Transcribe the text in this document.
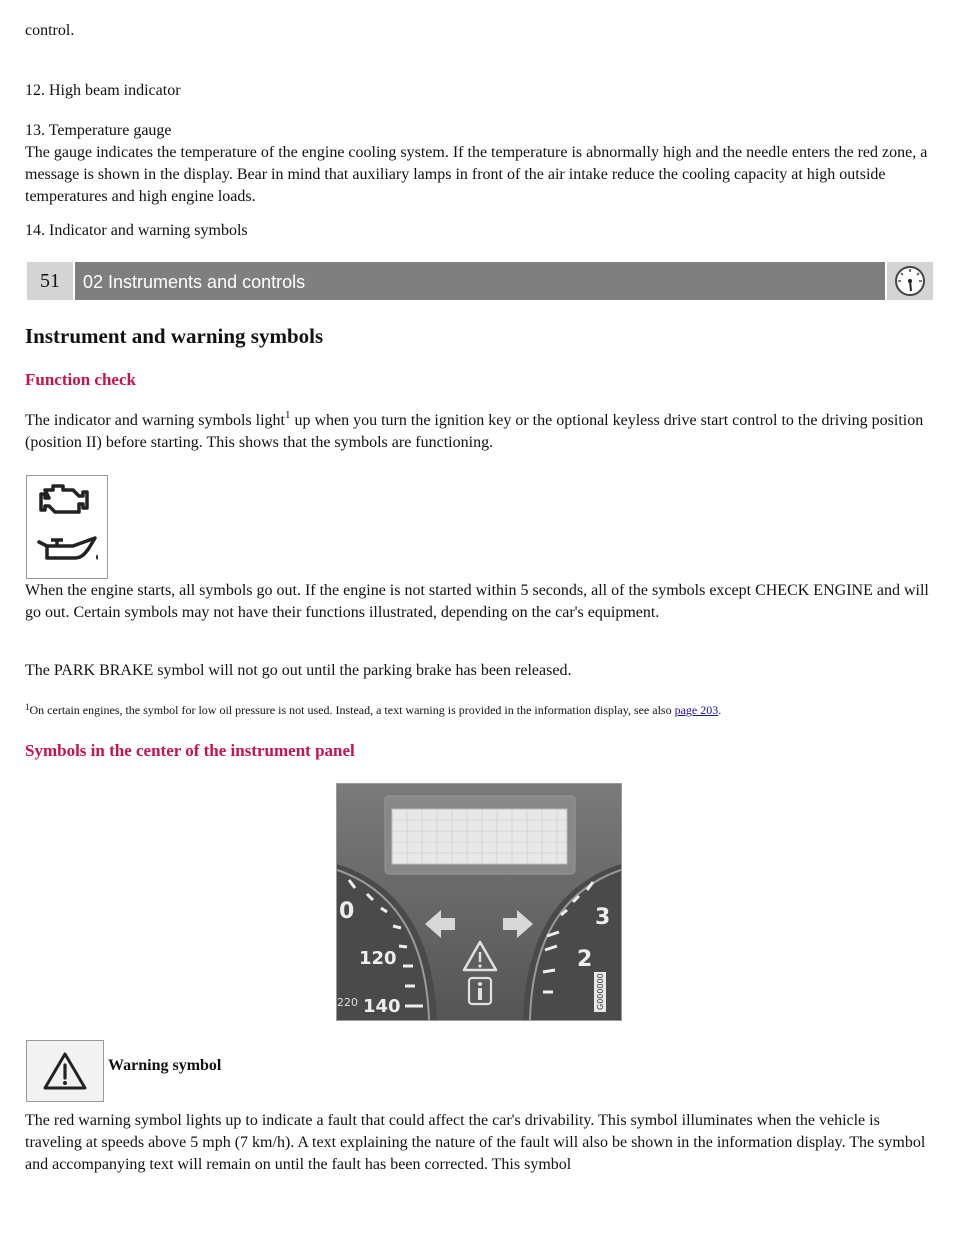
control.

12. High beam indicator

13. Temperature gauge

The gauge indicates the temperature of the engine cooling system. If the temperature is abnormally high and the needle enters the red zone, a message is shown in the display. Bear in mind that auxiliary lamps in front of the air intake reduce the cooling capacity at high outside temperatures and high engine loads.

14. Indicator and warning symbols

51	02 Instruments and controls
Instrument and warning symbols
Function check

The indicator and warning symbols light$^1$ up when you turn the ignition key or the optional keyless drive start control to the driving position (position II) before starting. This shows that the symbols are functioning.

When the engine starts, all symbols go out. If the engine is not started within 5 seconds, all of the symbols except CHECK ENGINE and will go out. Certain symbols may not have their functions illustrated, depending on the car's equipment.

The PARK BRAKE symbol will not go out until the parking brake has been released.

$^1$On certain engines, the symbol for low oil pressure is not used. Instead, a text warning is provided in the information display, see also page 203.

Symbols in the center of the instrument panel
0
120
140
220
3
2
G000000
Warning symbol

The red warning symbol lights up to indicate a fault that could affect the car's drivability. This symbol illuminates when the vehicle is traveling at speeds above 5 mph (7 km/h). A text explaining the nature of the fault will also be shown in the information display. The symbol and accompanying text will remain on until the fault has been corrected. This symbol
